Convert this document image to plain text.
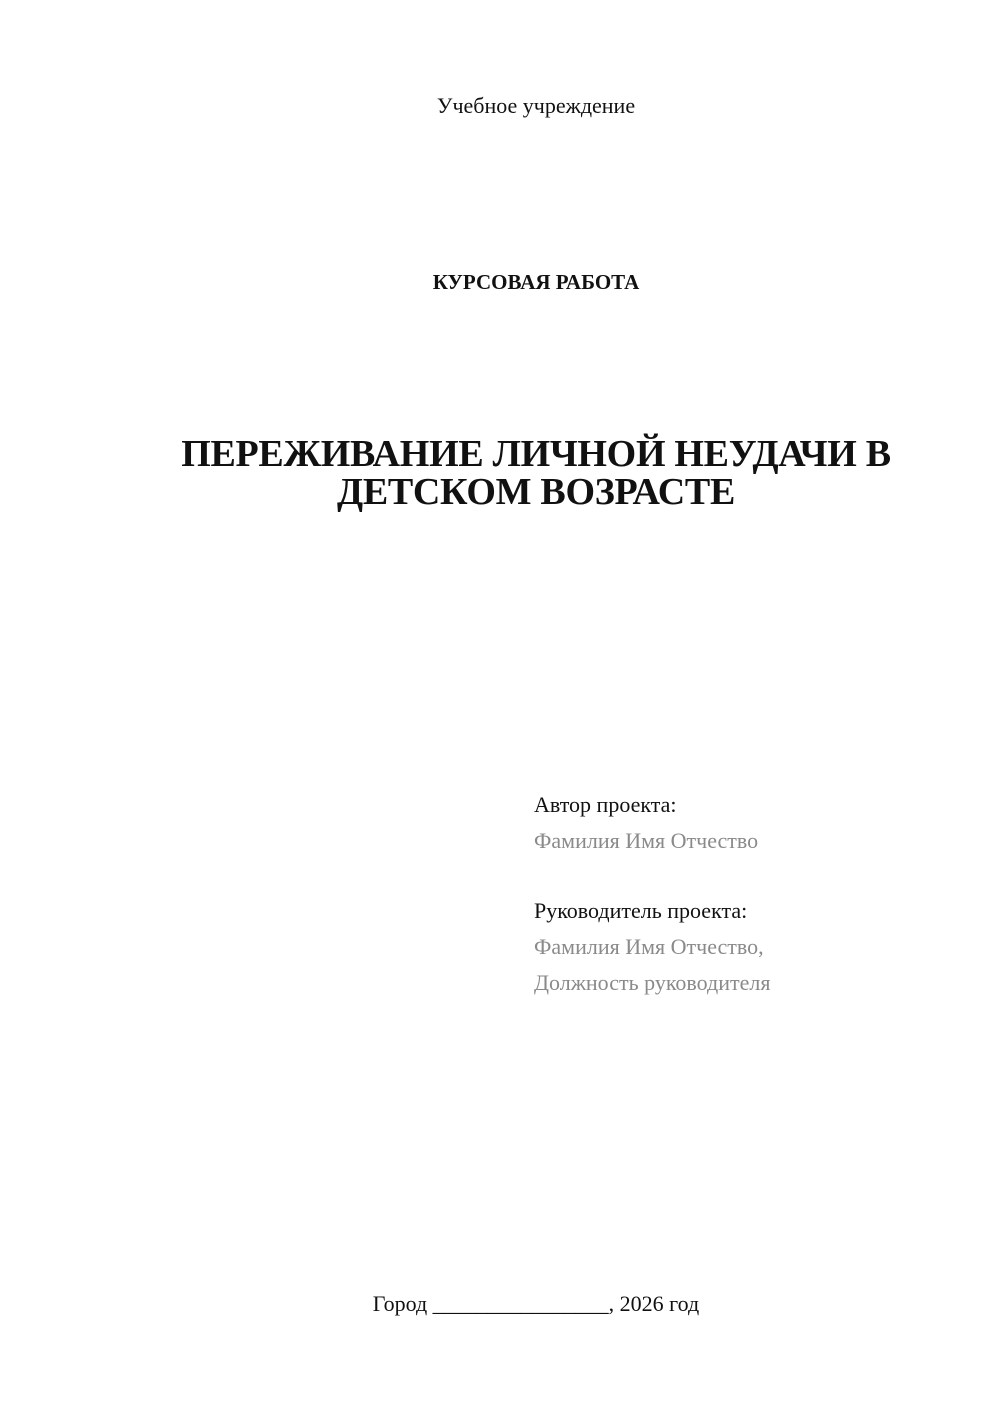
Учебное учреждение
КУРСОВАЯ РАБОТА
ПЕРЕЖИВАНИЕ ЛИЧНОЙ НЕУДАЧИ В
ДЕТСКОМ ВОЗРАСТЕ
Автор проекта:
Фамилия Имя Отчество
Руководитель проекта:
Фамилия Имя Отчество,
Должность руководителя
Город ________________, 2026 год
